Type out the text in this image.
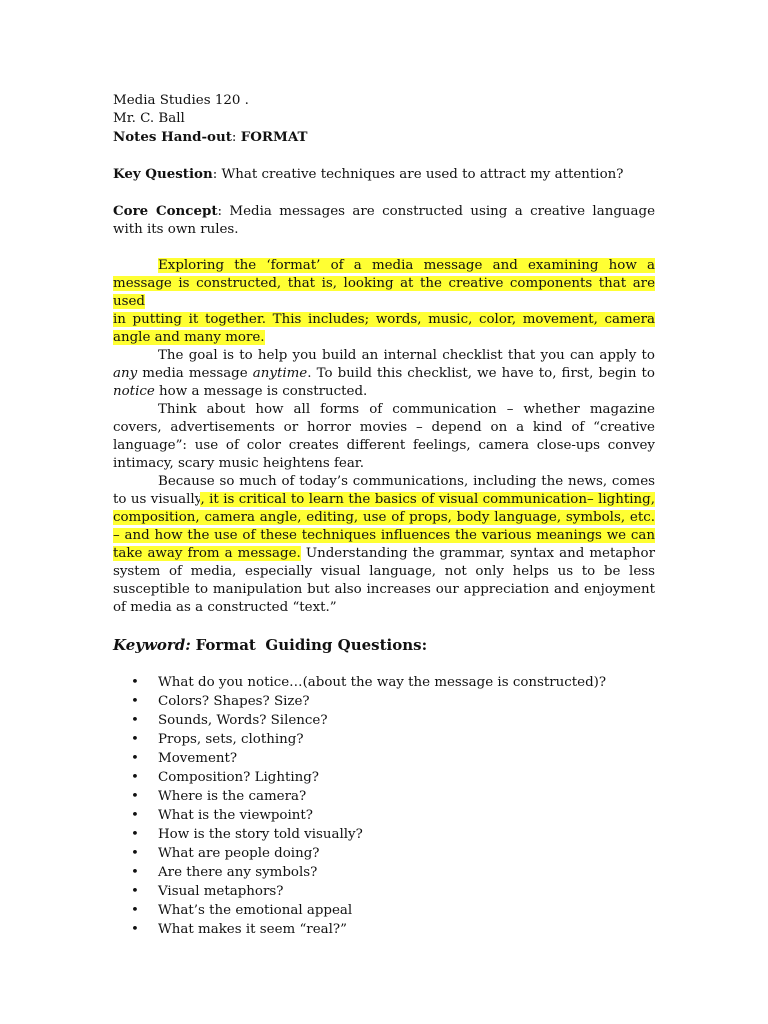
Media Studies 120 .
Mr. C. Ball
Notes Hand-out: FORMAT
Key Question: What creative techniques are used to attract my attention?

Core Concept: Media messages are constructed using a creative language with its own rules.

Exploring the ‘format’ of a media message and examining how a message is constructed, that is, looking at the creative components that are used

in putting it together. This includes; words, music, color, movement, camera angle and many more.

The goal is to help you build an internal checklist that you can apply to any media message anytime. To build this checklist, we have to, first, begin to notice how a message is constructed.

Think about how all forms of communication – whether magazine covers, advertisements or horror movies – depend on a kind of “creative language”: use of color creates different feelings, camera close-ups convey intimacy, scary music heightens fear.

Because so much of today’s communications, including the news, comes to us visually, it is critical to learn the basics of visual communication– lighting, composition, camera angle, editing, use of props, body language, symbols, etc. – and how the use of these techniques influences the various meanings we can take away from a message. Understanding the grammar, syntax and metaphor system of media, especially visual language, not only helps us to be less susceptible to manipulation but also increases our appreciation and enjoyment of media as a constructed “text.”

Keyword: Format Guiding Questions:
• What do you notice…(about the way the message is constructed)?
• Colors? Shapes? Size?
• Sounds, Words? Silence?
• Props, sets, clothing?
• Movement?
• Composition? Lighting?
• Where is the camera?
• What is the viewpoint?
• How is the story told visually?
• What are people doing?
• Are there any symbols?
• Visual metaphors?
• What’s the emotional appeal
• What makes it seem “real?”
